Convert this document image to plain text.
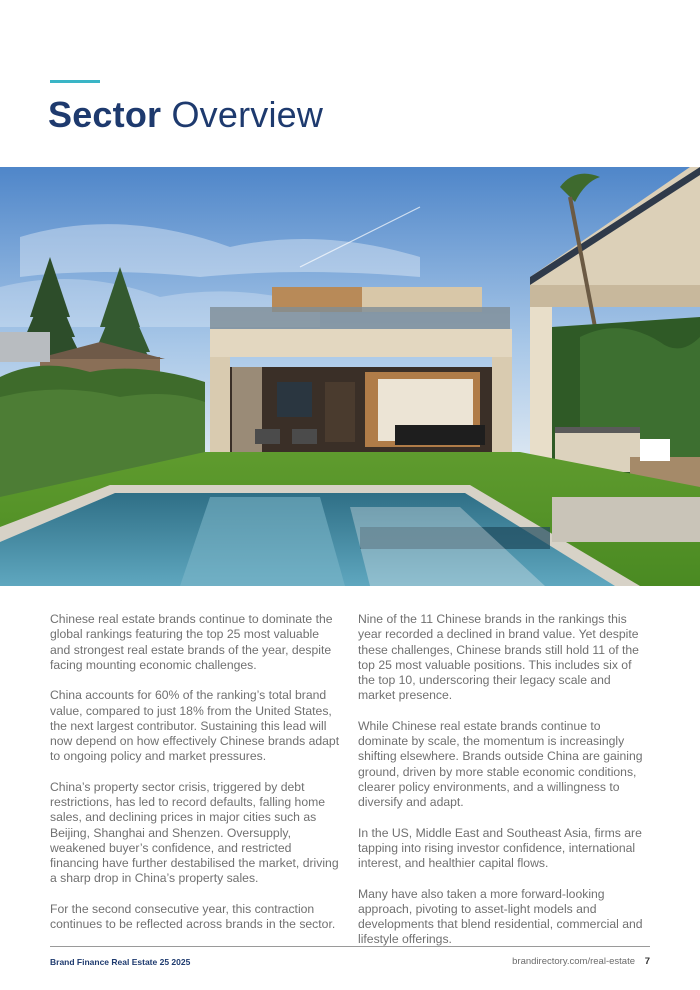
Sector Overview

Chinese real estate brands continue to dominate the global rankings featuring the top 25 most valuable and strongest real estate brands of the year, despite facing mounting economic challenges.

China accounts for 60% of the ranking’s total brand value, compared to just 18% from the United States, the next largest contributor. Sustaining this lead will now depend on how effectively Chinese brands adapt to ongoing policy and market pressures.

China’s property sector crisis, triggered by debt restrictions, has led to record defaults, falling home sales, and declining prices in major cities such as Beijing, Shanghai and Shenzen. Oversupply, weakened buyer’s confidence, and restricted financing have further destabilised the market, driving a sharp drop in China’s property sales.

For the second consecutive year, this contraction continues to be reflected across brands in the sector.

Nine of the 11 Chinese brands in the rankings this year recorded a declined in brand value. Yet despite these challenges, Chinese brands still hold 11 of the top 25 most valuable positions. This includes six of the top 10, underscoring their legacy scale and market presence.

While Chinese real estate brands continue to dominate by scale, the momentum is increasingly shifting elsewhere. Brands outside China are gaining ground, driven by more stable economic conditions, clearer policy environments, and a willingness to diversify and adapt.

In the US, Middle East and Southeast Asia, firms are tapping into rising investor confidence, international interest, and healthier capital flows.

Many have also taken a more forward-looking approach, pivoting to asset-light models and developments that blend residential, commercial and lifestyle offerings.

Brand Finance Real Estate 25 2025	brandirectory.com/real-estate 7
